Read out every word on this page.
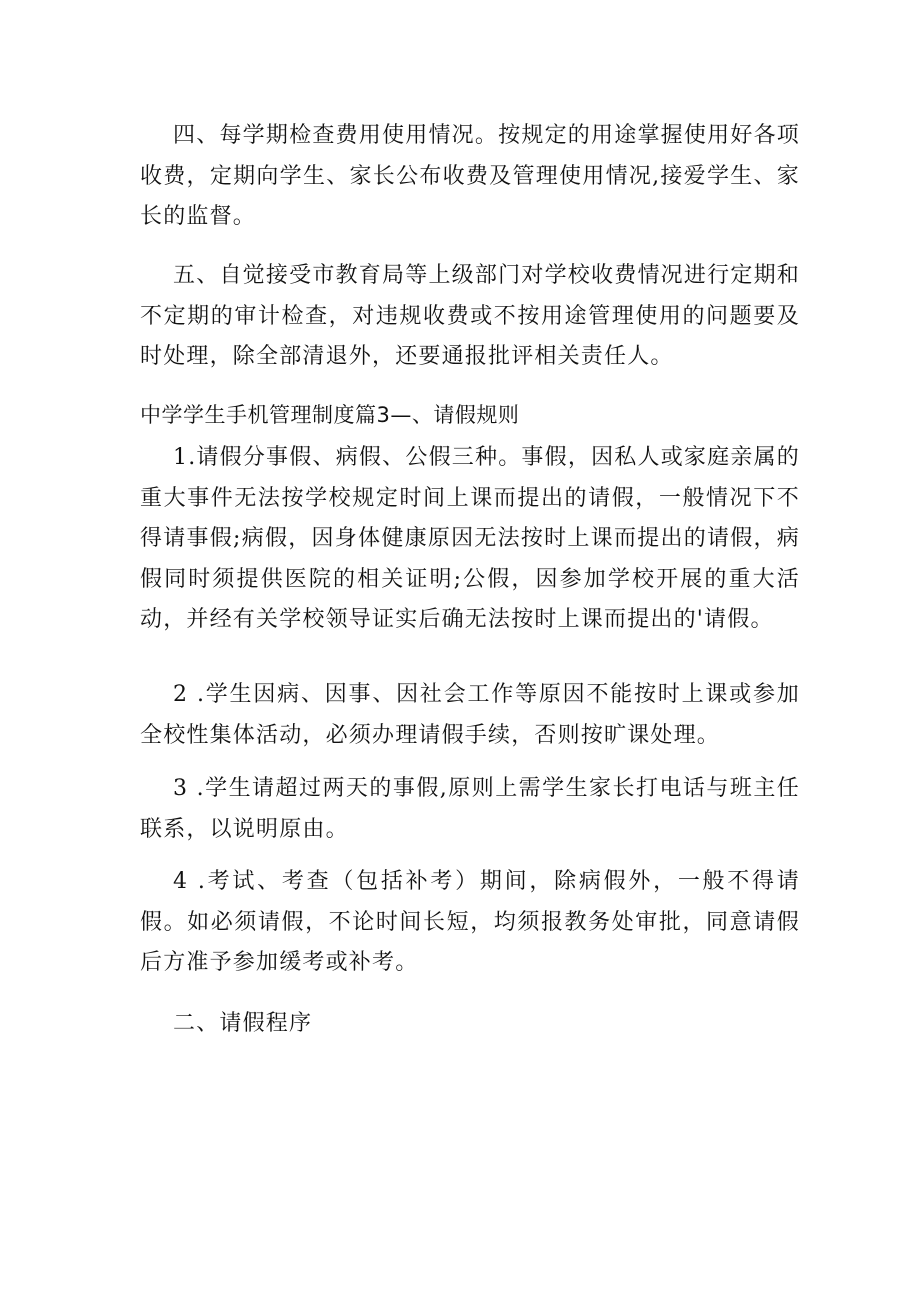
四、每学期检查费用使用情况。按规定的用途掌握使用好各项收费，定期向学生、家长公布收费及管理使用情况,接爱学生、家长的监督。

五、自觉接受市教育局等上级部门对学校收费情况进行定期和不定期的审计检查，对违规收费或不按用途管理使用的问题要及时处理，除全部清退外，还要通报批评相关责任人。

中学学生手机管理制度篇3—、请假规则

1.请假分事假、病假、公假三种。事假，因私人或家庭亲属的重大事件无法按学校规定时间上课而提出的请假，一般情况下不得请事假;病假，因身体健康原因无法按时上课而提出的请假，病假同时须提供医院的相关证明;公假，因参加学校开展的重大活动，并经有关学校领导证实后确无法按时上课而提出的'请假。

2 .学生因病、因事、因社会工作等原因不能按时上课或参加全校性集体活动，必须办理请假手续，否则按旷课处理。

3 .学生请超过两天的事假,原则上需学生家长打电话与班主任联系，以说明原由。

4 .考试、考查（包括补考）期间，除病假外，一般不得请假。如必须请假，不论时间长短，均须报教务处审批，同意请假后方准予参加缓考或补考。

二、请假程序
